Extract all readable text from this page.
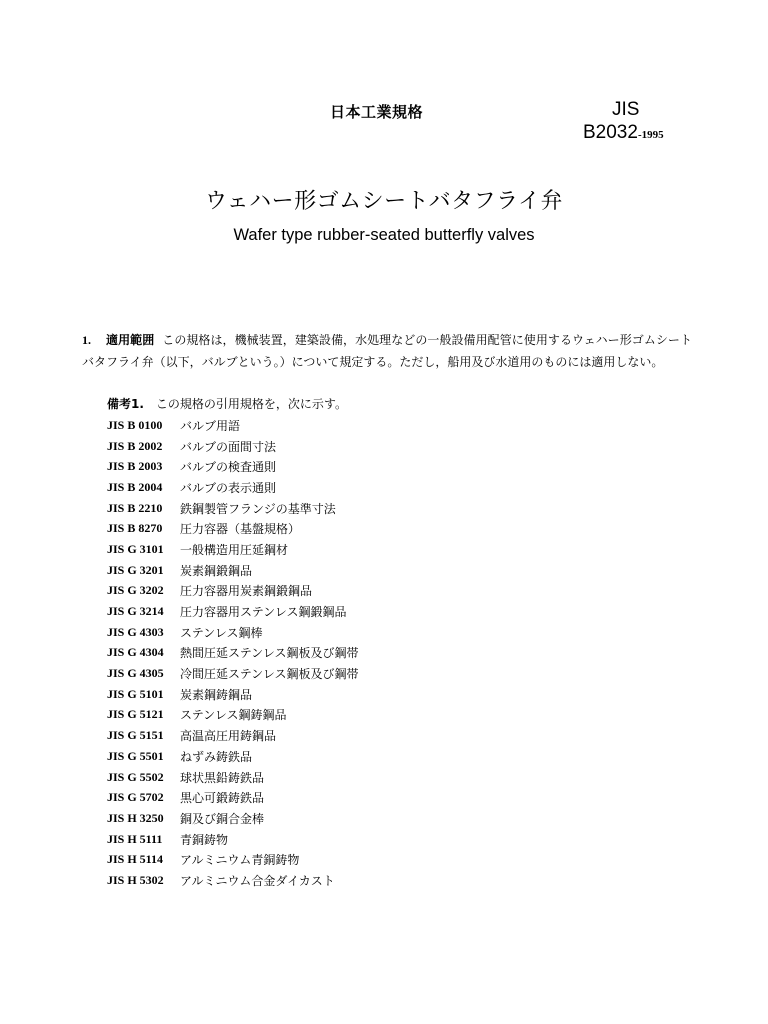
日本工業規格	JIS
B2032-1995
ウェハー形ゴムシートバタフライ弁
Wafer type rubber-seated butterfly valves
1. 適用範囲 この規格は，機械装置，建築設備，水処理などの一般設備用配管に使用するウェハー形ゴムシートバタフライ弁（以下，バルブという。）について規定する。ただし，船用及び水道用のものには適用しない。
備考1. この規格の引用規格を，次に示す。
JIS B 0100	バルブ用語
JIS B 2002	バルブの面間寸法
JIS B 2003	バルブの検査通則
JIS B 2004	バルブの表示通則
JIS B 2210	鉄鋼製管フランジの基準寸法
JIS B 8270	圧力容器（基盤規格）
JIS G 3101	一般構造用圧延鋼材
JIS G 3201	炭素鋼鍛鋼品
JIS G 3202	圧力容器用炭素鋼鍛鋼品
JIS G 3214	圧力容器用ステンレス鋼鍛鋼品
JIS G 4303	ステンレス鋼棒
JIS G 4304	熱間圧延ステンレス鋼板及び鋼帯
JIS G 4305	冷間圧延ステンレス鋼板及び鋼帯
JIS G 5101	炭素鋼鋳鋼品
JIS G 5121	ステンレス鋼鋳鋼品
JIS G 5151	高温高圧用鋳鋼品
JIS G 5501	ねずみ鋳鉄品
JIS G 5502	球状黒鉛鋳鉄品
JIS G 5702	黒心可鍛鋳鉄品
JIS H 3250	銅及び銅合金棒
JIS H 5111	青銅鋳物
JIS H 5114	アルミニウム青銅鋳物
JIS H 5302	アルミニウム合金ダイカスト
